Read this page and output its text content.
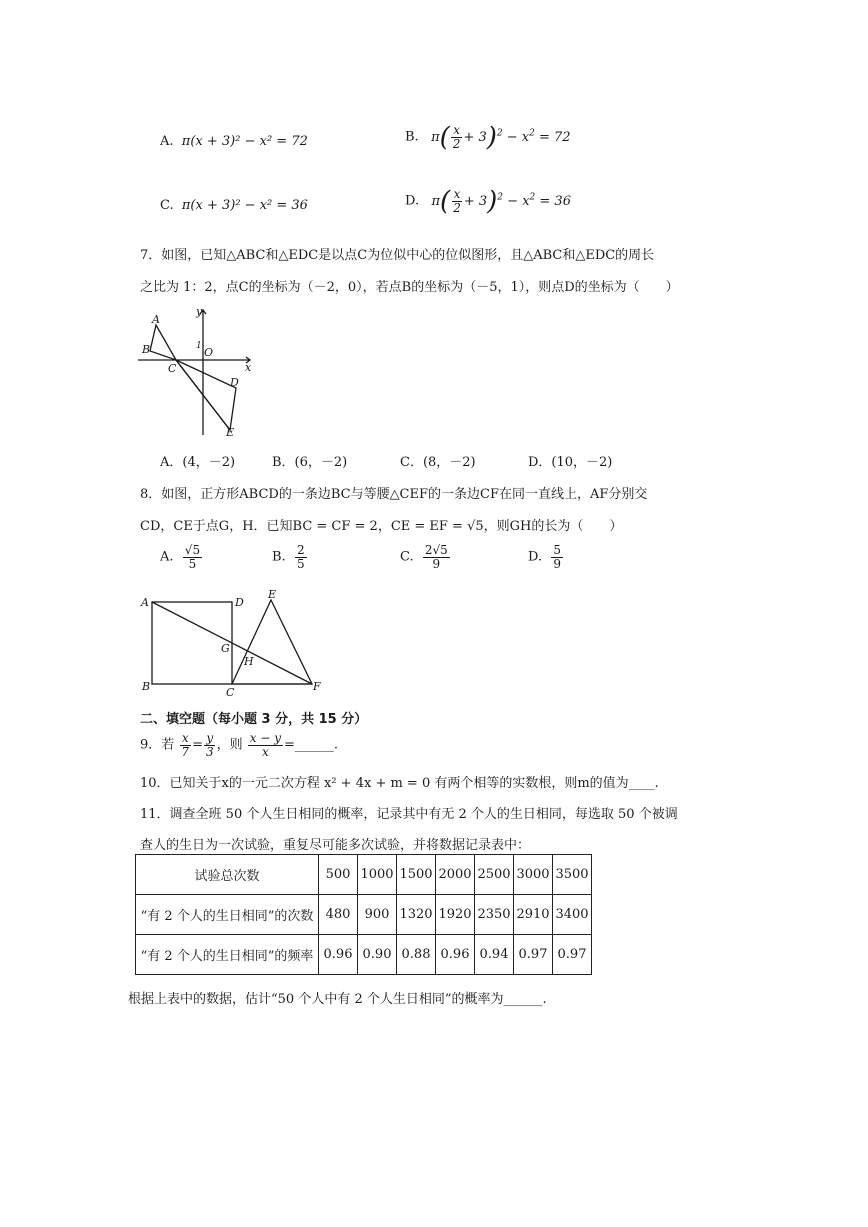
A. π(x + 3)² − x² = 72	B. $\pi( \frac{x}{2} + 3)^2 - x^2 = 72$
C. π(x + 3)² − x² = 36	D. $\pi( \frac{x}{2} + 3)^2 - x^2 = 36$
7．如图，已知△ABC和△EDC是以点C为位似中心的位似图形，且△ABC和△EDC的周长
之比为 1：2，点C的坐标为（－2，0），若点B的坐标为（－5，1），则点D的坐标为（　　）
A
B
C
O
D
E
x
y
1
A．(4，－2)	B．(6，－2)	C．(8，－2)	D．(10，－2)
8．如图，正方形ABCD的一条边BC与等腰△CEF的一条边CF在同一直线上，AF分别交
CD，CE于点G，H．已知BC = CF = 2，CE = EF = √5，则GH的长为（　　）
A. $\frac{√5}{5}$	B. $\frac{2}{5}$	C. $\frac{2√5}{9}$	D. $\frac{5}{9}$
A
B	C
D
E
F
G
H
二、填空题（每小题 3 分，共 15 分）
9．若 $\frac{x}{7} = \frac{y}{3}$ ，则 $\frac{x - y}{x}$ =______.
10．已知关于x的一元二次方程 x² + 4x + m = 0 有两个相等的实数根，则m的值为____.
11．调查全班 50 个人生日相同的概率，记录其中有无 2 个人的生日相同，每选取 50 个被调
查人的生日为一次试验，重复尽可能多次试验，并将数据记录表中：
试验总次数	500	1000	1500	2000	2500	3000	3500
“有 2 个人的生日相同”的次数	480	900	1320	1920	2350	2910	3400
“有 2 个人的生日相同”的频率	0.96	0.90	0.88	0.96	0.94	0.97	0.97
根据上表中的数据，估计“50 个人中有 2 个人生日相同”的概率为______.
